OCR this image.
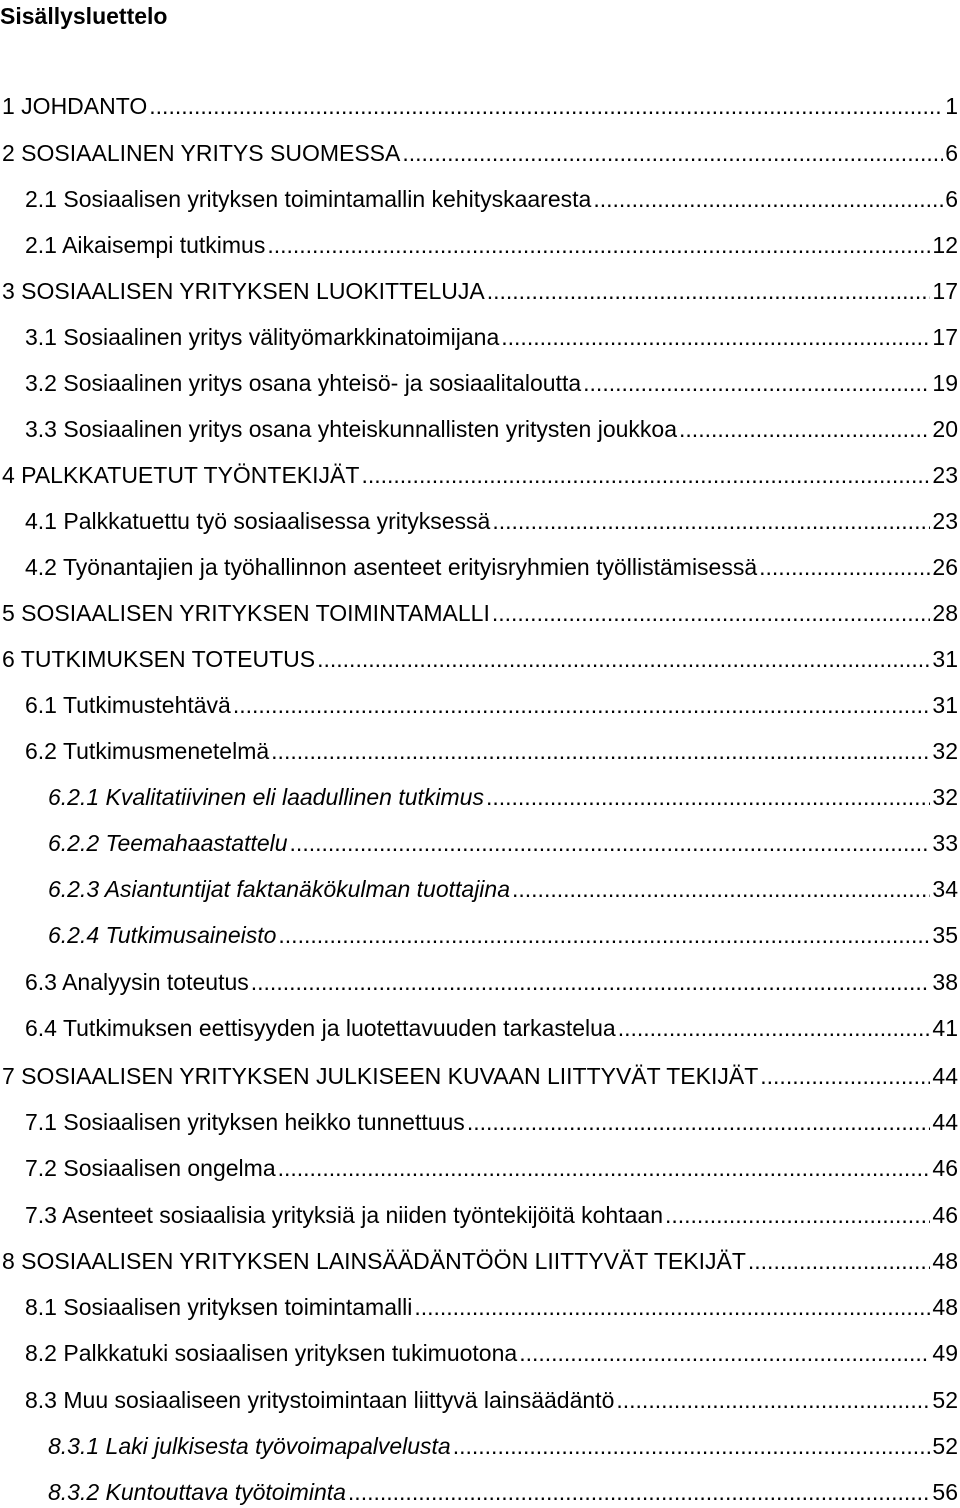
Sisällysluettelo
1 JOHDANTO .....	1
2 SOSIAALINEN YRITYS SUOMESSA .....	6
2.1 Sosiaalisen yrityksen toimintamallin kehityskaaresta .....	6
2.1 Aikaisempi tutkimus .....	12
3 SOSIAALISEN YRITYKSEN LUOKITTELUJA .....	17
3.1 Sosiaalinen yritys välityömarkkinatoimijana .....	17
3.2 Sosiaalinen yritys osana yhteisö- ja sosiaalitaloutta .....	19
3.3 Sosiaalinen yritys osana yhteiskunnallisten yritysten joukkoa .....	20
4 PALKKATUETUT TYÖNTEKIJÄT .....	23
4.1 Palkkatuettu työ sosiaalisessa yrityksessä .....	23
4.2 Työnantajien ja työhallinnon asenteet erityisryhmien työllistämisessä .....	26
5 SOSIAALISEN YRITYKSEN TOIMINTAMALLI .....	28
6 TUTKIMUKSEN TOTEUTUS .....	31
6.1 Tutkimustehtävä .....	31
6.2 Tutkimusmenetelmä .....	32
6.2.1 Kvalitatiivinen eli laadullinen tutkimus .....	32
6.2.2 Teemahaastattelu .....	33
6.2.3 Asiantuntijat faktanäkökulman tuottajina .....	34
6.2.4 Tutkimusaineisto .....	35
6.3 Analyysin toteutus .....	38
6.4 Tutkimuksen eettisyyden ja luotettavuuden tarkastelua .....	41
7 SOSIAALISEN YRITYKSEN JULKISEEN KUVAAN LIITTYVÄT TEKIJÄT .....	44
7.1 Sosiaalisen yrityksen heikko tunnettuus .....	44
7.2 Sosiaalisen ongelma .....	46
7.3 Asenteet sosiaalisia yrityksiä ja niiden työntekijöitä kohtaan .....	46
8 SOSIAALISEN YRITYKSEN LAINSÄÄDÄNTÖÖN LIITTYVÄT TEKIJÄT .....	48
8.1 Sosiaalisen yrityksen toimintamalli .....	48
8.2 Palkkatuki sosiaalisen yrityksen tukimuotona .....	49
8.3 Muu sosiaaliseen yritystoimintaan liittyvä lainsäädäntö .....	52
8.3.1 Laki julkisesta työvoimapalvelusta .....	52
8.3.2 Kuntouttava työtoiminta .....	56
